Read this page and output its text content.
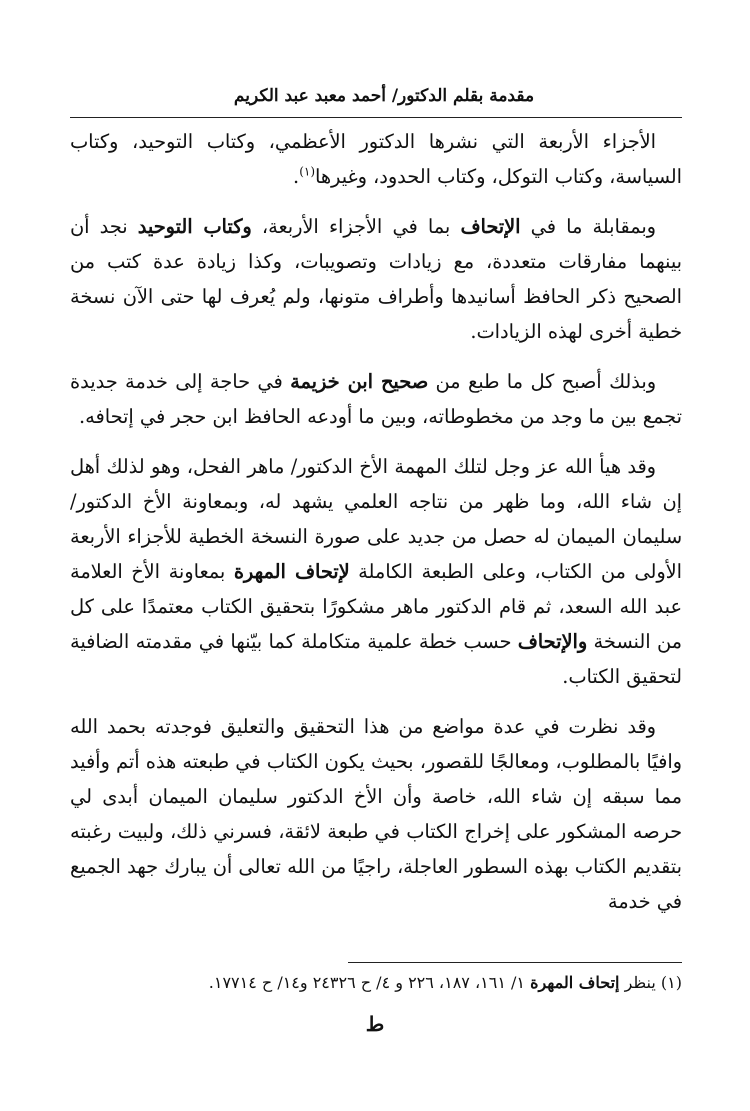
مقدمة بقلم الدكتور/ أحمد معبد عبد الكريم

الأجزاء الأربعة التي نشرها الدكتور الأعظمي، وكتاب التوحيد، وكتاب السياسة، وكتاب التوكل، وكتاب الحدود، وغيرها$^{(١)}$.

وبمقابلة ما في الإتحاف بما في الأجزاء الأربعة، وكتاب التوحيد نجد أن بينهما مفارقات متعددة، مع زيادات وتصويبات، وكذا زيادة عدة كتب من الصحيح ذكر الحافظ أسانيدها وأطراف متونها، ولم يُعرف لها حتى الآن نسخة خطية أخرى لهذه الزيادات.

وبذلك أصبح كل ما طبع من صحيح ابن خزيمة في حاجة إلى خدمة جديدة تجمع بين ما وجد من مخطوطاته، وبين ما أودعه الحافظ ابن حجر في إتحافه.

وقد هيأ الله عز وجل لتلك المهمة الأخ الدكتور/ ماهر الفحل، وهو لذلك أهل إن شاء الله، وما ظهر من نتاجه العلمي يشهد له، وبمعاونة الأخ الدكتور/ سليمان الميمان له حصل من جديد على صورة النسخة الخطية للأجزاء الأربعة الأولى من الكتاب، وعلى الطبعة الكاملة لإتحاف المهرة بمعاونة الأخ العلامة عبد الله السعد، ثم قام الدكتور ماهر مشكورًا بتحقيق الكتاب معتمدًا على كل من النسخة والإتحاف حسب خطة علمية متكاملة كما بيّنها في مقدمته الضافية لتحقيق الكتاب.

وقد نظرت في عدة مواضع من هذا التحقيق والتعليق فوجدته بحمد الله وافيًا بالمطلوب، ومعالجًا للقصور، بحيث يكون الكتاب في طبعته هذه أتم وأفيد مما سبقه إن شاء الله، خاصة وأن الأخ الدكتور سليمان الميمان أبدى لي حرصه المشكور على إخراج الكتاب في طبعة لائقة، فسرني ذلك، ولبيت رغبته بتقديم الكتاب بهذه السطور العاجلة، راجيًا من الله تعالى أن يبارك جهد الجميع في خدمة

(١) ينظر إتحاف المهرة ١/ ١٦١، ١٨٧، ٢٢٦ و ٤/ ح ٢٤٣٢٦ و١٤/ ح ١٧٧١٤.
ط
